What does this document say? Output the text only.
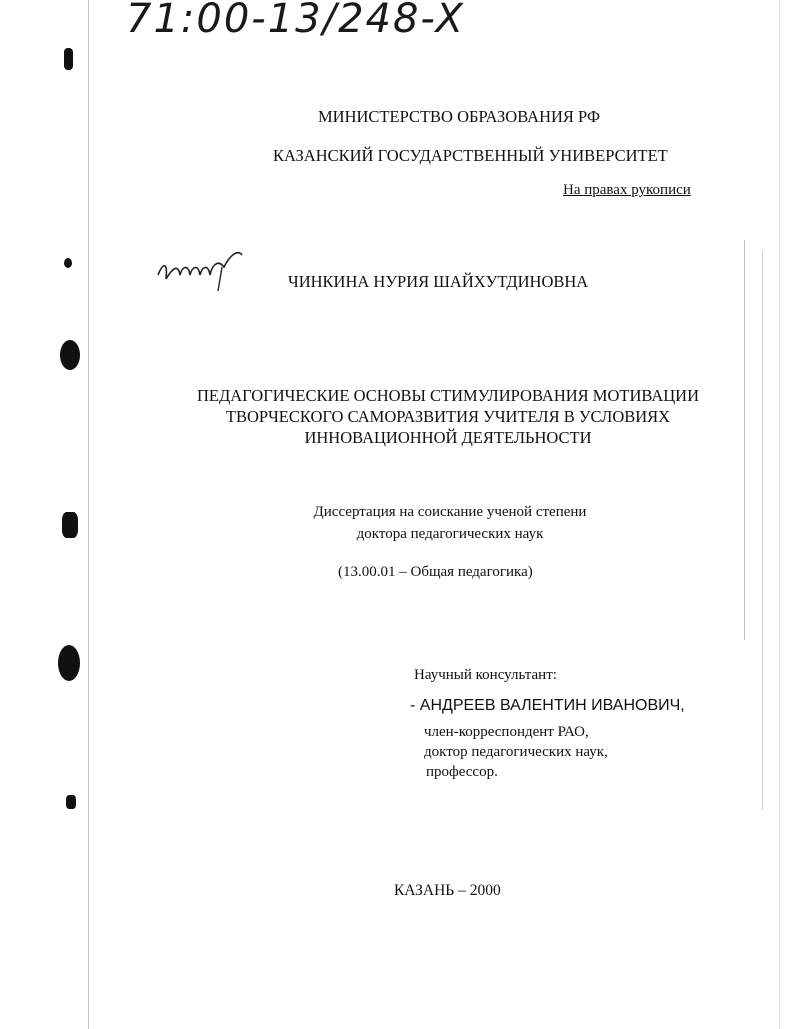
71:00-13/248-X
МИНИСТЕРСТВО ОБРАЗОВАНИЯ РФ
КАЗАНСКИЙ ГОСУДАРСТВЕННЫЙ УНИВЕРСИТЕТ
На правах рукописи
ЧИНКИНА НУРИЯ ШАЙХУТДИНОВНА
ПЕДАГОГИЧЕСКИЕ ОСНОВЫ СТИМУЛИРОВАНИЯ МОТИВАЦИИ
ТВОРЧЕСКОГО САМОРАЗВИТИЯ УЧИТЕЛЯ В УСЛОВИЯХ
ИННОВАЦИОННОЙ ДЕЯТЕЛЬНОСТИ
Диссертация на соискание ученой степени
доктора педагогических наук
(13.00.01 – Общая педагогика)
Научный консультант:
- АНДРЕЕВ ВАЛЕНТИН ИВАНОВИЧ,
член-корреспондент РАО,
доктор педагогических наук,
профессор.
КАЗАНЬ – 2000
